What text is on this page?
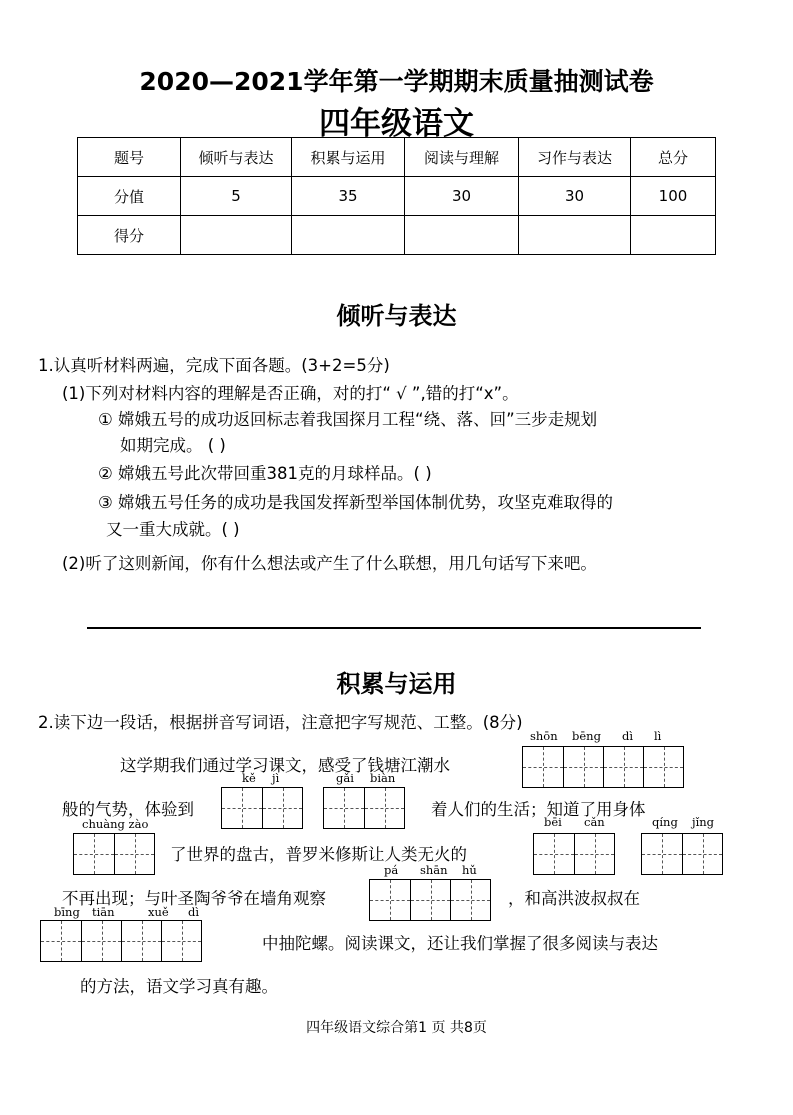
2020—2021学年第一学期期末质量抽测试卷
四年级语文
题号	倾听与表达	积累与运用	阅读与理解	习作与表达	总分
分值	5	35	30	30	100
得分					
倾听与表达
1.认真听材料两遍，完成下面各题。(3+2=5分)
(1)下列对材料内容的理解是否正确，对的打“ √ ”,错的打“x”。
① 嫦娥五号的成功返回标志着我国探月工程“绕、落、回”三步走规划
如期完成。 ( )
② 嫦娥五号此次带回重381克的月球样品。( )
③ 嫦娥五号任务的成功是我国发挥新型举国体制优势，攻坚克难取得的
又一重大成就。( )
(2)听了这则新闻，你有什么想法或产生了什么联想，用几句话写下来吧。
积累与运用
2.读下边一段话，根据拼音写词语，注意把字写规范、工整。(8分)
shōn bēng dì lì
这学期我们通过学习课文，感受了钱塘江潮水
kě jì	gǎi biàn
般的气势，体验到	着人们的生活；知道了用身体
chuàng zào	bēi cǎn	qíng jǐng
了世界的盘古，普罗米修斯让人类无火的
pá shān hǔ
不再出现；与叶圣陶爷爷在墙角观察	，和高洪波叔叔在
bīng tiān	xuě dì
中抽陀螺。阅读课文，还让我们掌握了很多阅读与表达
的方法，语文学习真有趣。
四年级语文综合第1 页 共8页
